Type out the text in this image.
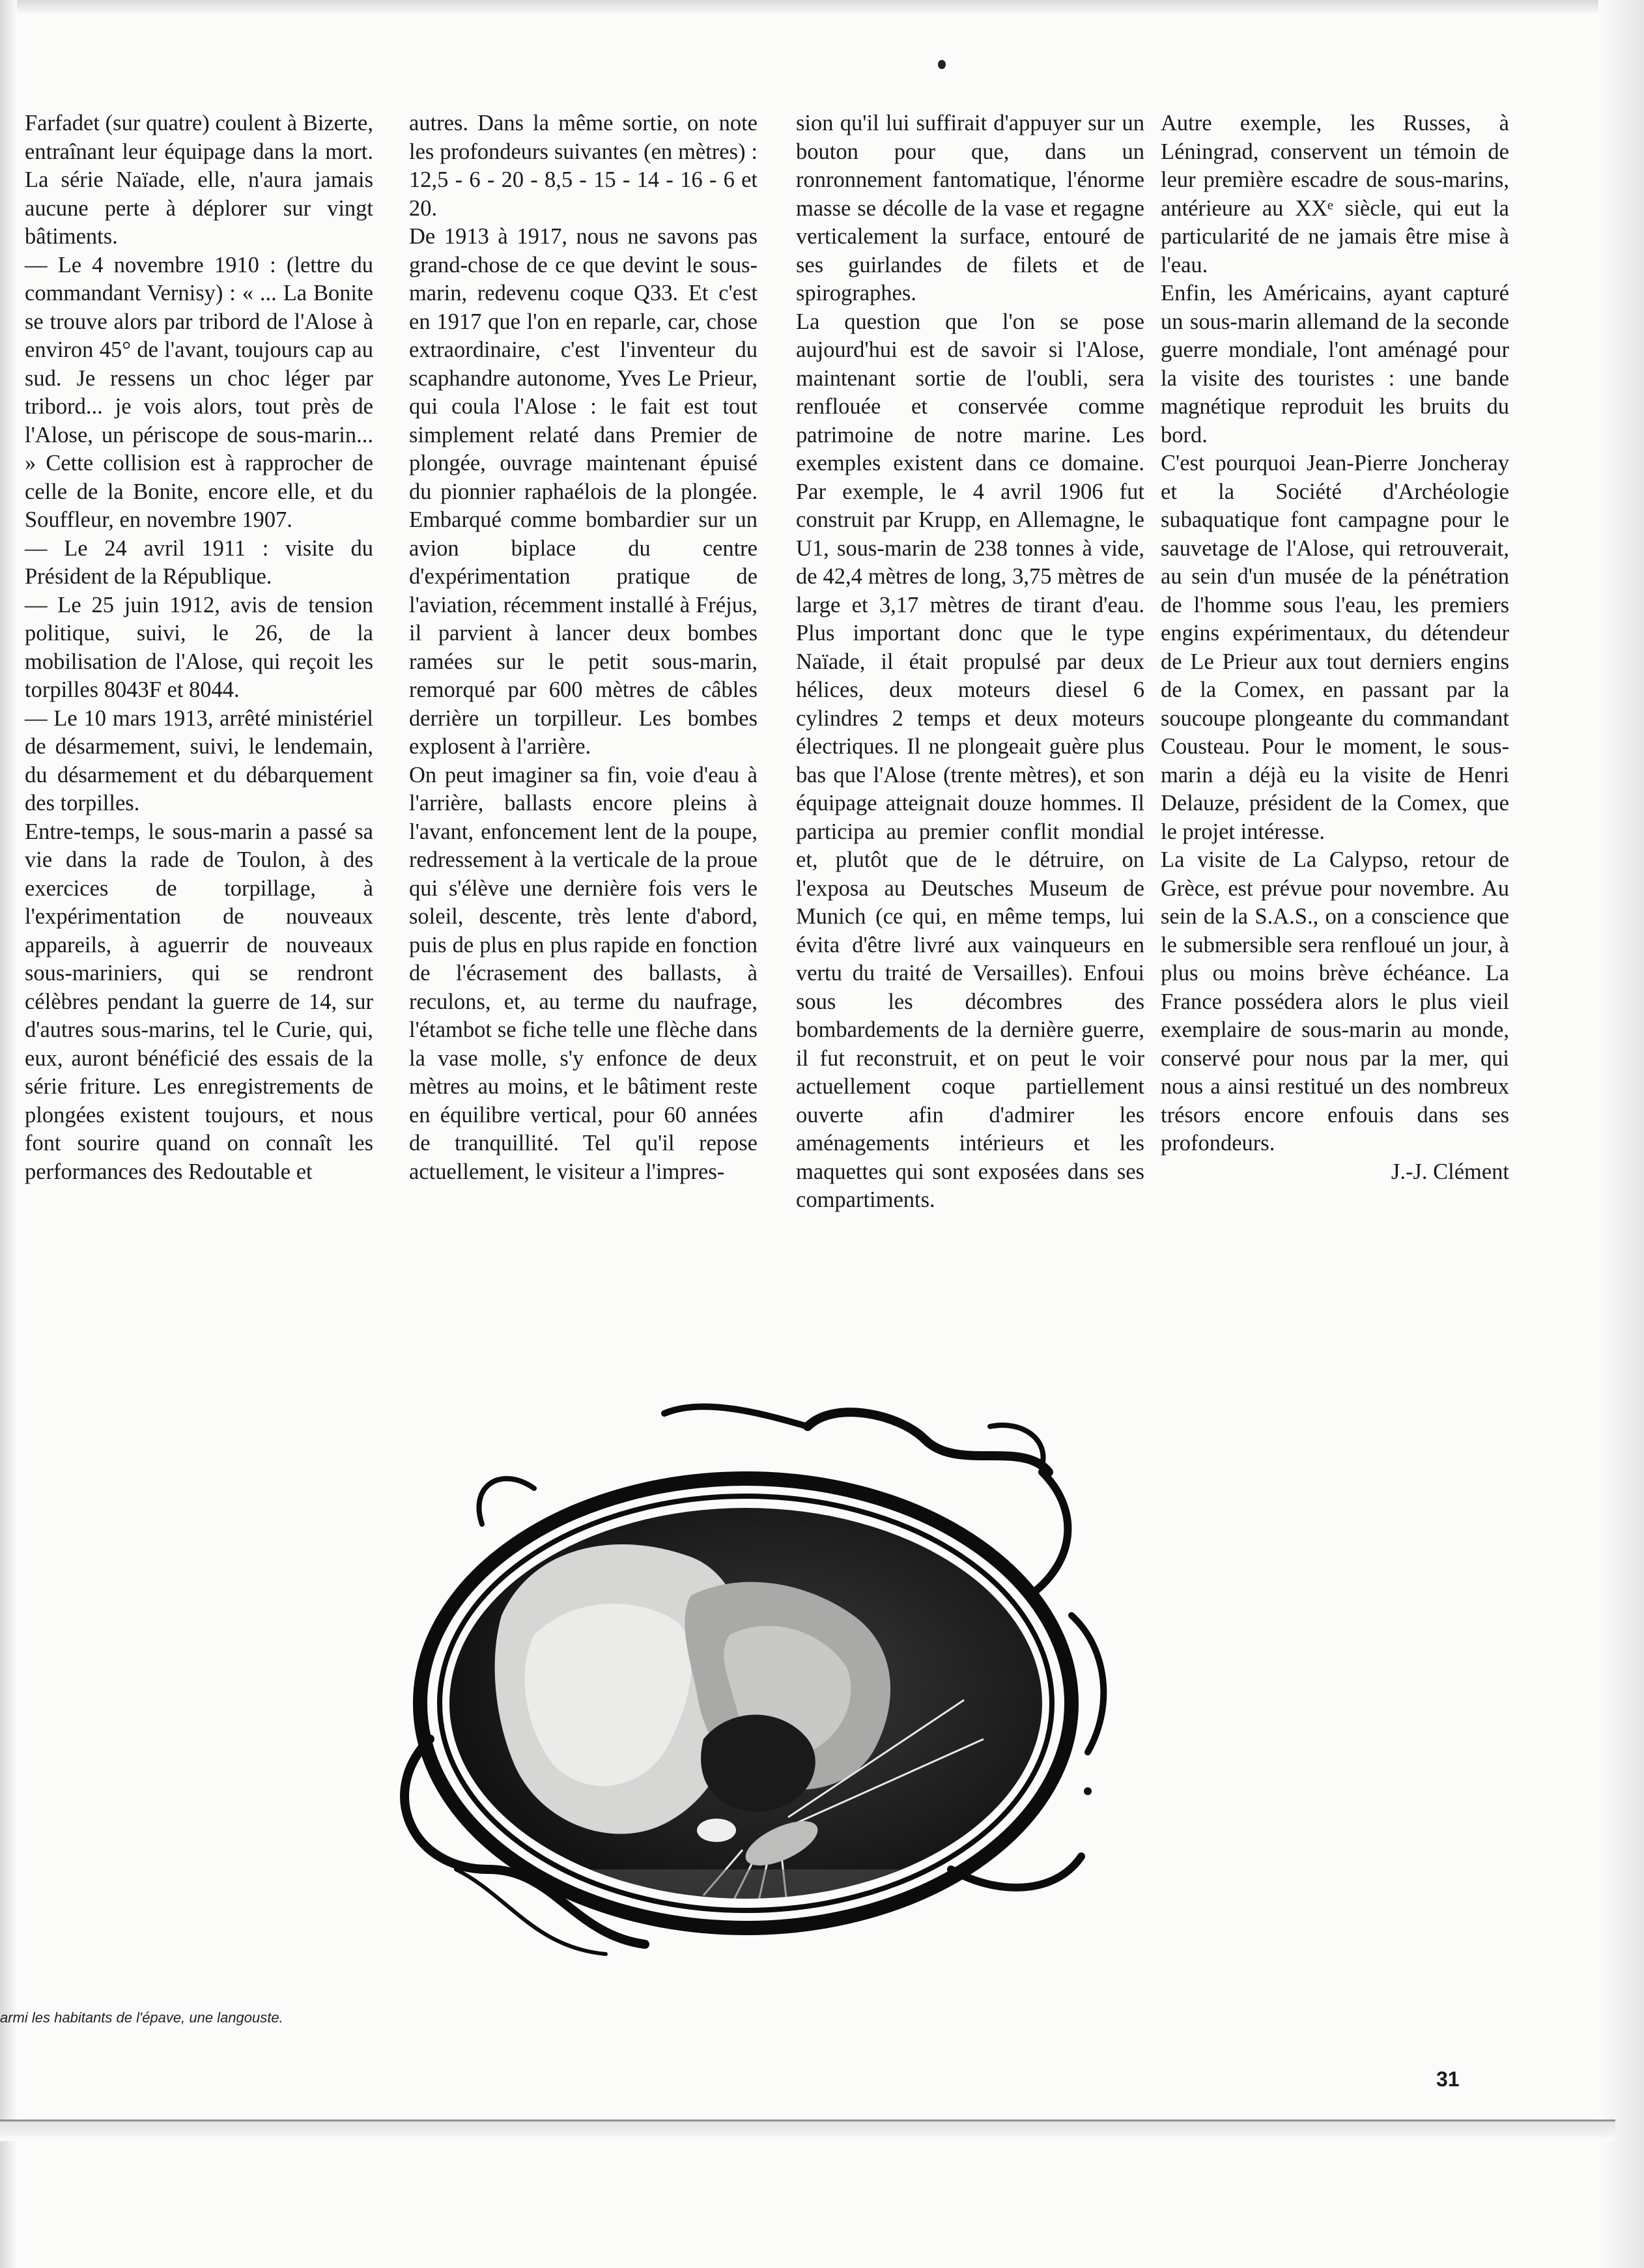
Farfadet (sur quatre) coulent à Bizerte, entraînant leur équipage dans la mort. La série Naïade, elle, n'aura jamais aucune perte à déplorer sur vingt bâtiments.

— Le 4 novembre 1910 : (lettre du commandant Vernisy) : « ... La Bonite se trouve alors par tribord de l'Alose à environ 45° de l'avant, toujours cap au sud. Je ressens un choc léger par tribord... je vois alors, tout près de l'Alose, un périscope de sous-marin... » Cette collision est à rapprocher de celle de la Bonite, encore elle, et du Souffleur, en novembre 1907.

— Le 24 avril 1911 : visite du Président de la République.

— Le 25 juin 1912, avis de tension politique, suivi, le 26, de la mobilisation de l'Alose, qui reçoit les torpilles 8043F et 8044.

— Le 10 mars 1913, arrêté ministériel de désarmement, suivi, le lendemain, du désarmement et du débarquement des torpilles.

Entre-temps, le sous-marin a passé sa vie dans la rade de Toulon, à des exercices de torpillage, à l'expérimentation de nouveaux appareils, à aguerrir de nouveaux sous-mariniers, qui se rendront célèbres pendant la guerre de 14, sur d'autres sous-marins, tel le Curie, qui, eux, auront bénéficié des essais de la série friture. Les enregistrements de plongées existent toujours, et nous font sourire quand on connaît les performances des Redoutable et

autres. Dans la même sortie, on note les profondeurs suivantes (en mètres) : 12,5 - 6 - 20 - 8,5 - 15 - 14 - 16 - 6 et 20.

De 1913 à 1917, nous ne savons pas grand-chose de ce que devint le sous-marin, redevenu coque Q33. Et c'est en 1917 que l'on en reparle, car, chose extraordinaire, c'est l'inventeur du scaphandre autonome, Yves Le Prieur, qui coula l'Alose : le fait est tout simplement relaté dans Premier de plongée, ouvrage maintenant épuisé du pionnier raphaélois de la plongée. Embarqué comme bombardier sur un avion biplace du centre d'expérimentation pratique de l'aviation, récemment installé à Fréjus, il parvient à lancer deux bombes ramées sur le petit sous-marin, remorqué par 600 mètres de câbles derrière un torpilleur. Les bombes explosent à l'arrière.

On peut imaginer sa fin, voie d'eau à l'arrière, ballasts encore pleins à l'avant, enfoncement lent de la poupe, redressement à la verticale de la proue qui s'élève une dernière fois vers le soleil, descente, très lente d'abord, puis de plus en plus rapide en fonction de l'écrasement des ballasts, à reculons, et, au terme du naufrage, l'étambot se fiche telle une flèche dans la vase molle, s'y enfonce de deux mètres au moins, et le bâtiment reste en équilibre vertical, pour 60 années de tranquillité. Tel qu'il repose actuellement, le visiteur a l'impres-

sion qu'il lui suffirait d'appuyer sur un bouton pour que, dans un ronronnement fantomatique, l'énorme masse se décolle de la vase et regagne verticalement la surface, entouré de ses guirlandes de filets et de spirographes.

La question que l'on se pose aujourd'hui est de savoir si l'Alose, maintenant sortie de l'oubli, sera renflouée et conservée comme patrimoine de notre marine. Les exemples existent dans ce domaine. Par exemple, le 4 avril 1906 fut construit par Krupp, en Allemagne, le U1, sous-marin de 238 tonnes à vide, de 42,4 mètres de long, 3,75 mètres de large et 3,17 mètres de tirant d'eau. Plus important donc que le type Naïade, il était propulsé par deux hélices, deux moteurs diesel 6 cylindres 2 temps et deux moteurs électriques. Il ne plongeait guère plus bas que l'Alose (trente mètres), et son équipage atteignait douze hommes. Il participa au premier conflit mondial et, plutôt que de le détruire, on l'exposa au Deutsches Museum de Munich (ce qui, en même temps, lui évita d'être livré aux vainqueurs en vertu du traité de Versailles). Enfoui sous les décombres des bombardements de la dernière guerre, il fut reconstruit, et on peut le voir actuellement coque partiellement ouverte afin d'admirer les aménagements intérieurs et les maquettes qui sont exposées dans ses compartiments.

Autre exemple, les Russes, à Léningrad, conservent un témoin de leur première escadre de sous-marins, antérieure au XXᵉ siècle, qui eut la particularité de ne jamais être mise à l'eau.

Enfin, les Américains, ayant capturé un sous-marin allemand de la seconde guerre mondiale, l'ont aménagé pour la visite des touristes : une bande magnétique reproduit les bruits du bord.

C'est pourquoi Jean-Pierre Joncheray et la Société d'Archéologie subaquatique font campagne pour le sauvetage de l'Alose, qui retrouverait, au sein d'un musée de la pénétration de l'homme sous l'eau, les premiers engins expérimentaux, du détendeur de Le Prieur aux tout derniers engins de la Comex, en passant par la soucoupe plongeante du commandant Cousteau. Pour le moment, le sous-marin a déjà eu la visite de Henri Delauze, président de la Comex, que le projet intéresse.

La visite de La Calypso, retour de Grèce, est prévue pour novembre. Au sein de la S.A.S., on a conscience que le submersible sera renfloué un jour, à plus ou moins brève échéance. La France possédera alors le plus vieil exemplaire de sous-marin au monde, conservé pour nous par la mer, qui nous a ainsi restitué un des nombreux trésors encore enfouis dans ses profondeurs.

J.-J. Clément

armi les habitants de l'épave, une langouste.
31
